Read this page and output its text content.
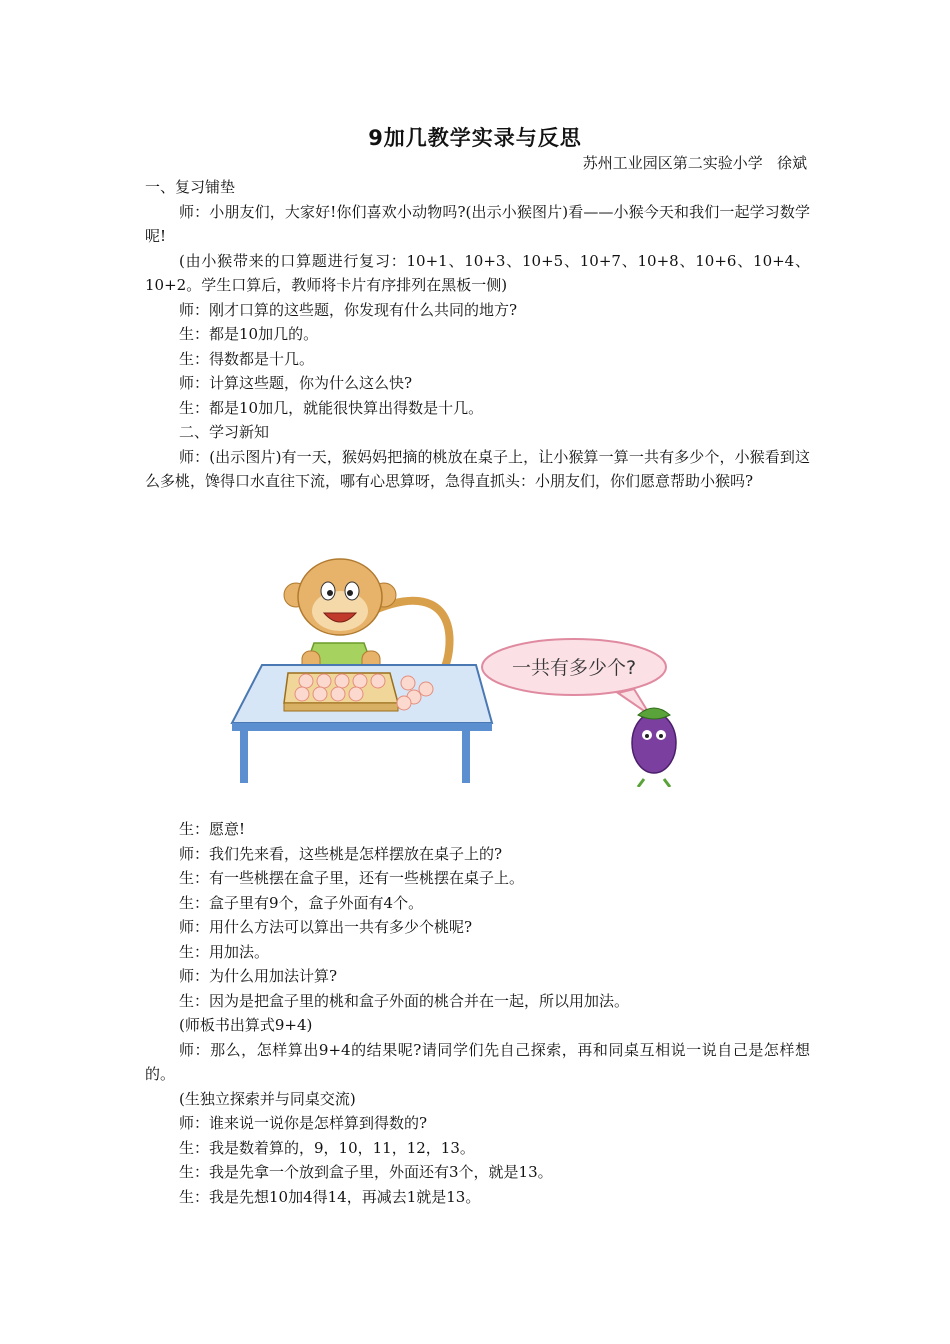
9加几教学实录与反思
苏州工业园区第二实验小学   徐斌

一、复习铺垫

师：小朋友们，大家好!你们喜欢小动物吗?(出示小猴图片)看——小猴今天和我们一起学习数学呢!

(由小猴带来的口算题进行复习：10+1、10+3、10+5、10+7、10+8、10+6、10+4、10+2。学生口算后，教师将卡片有序排列在黑板一侧)

师：刚才口算的这些题，你发现有什么共同的地方?

生：都是10加几的。

生：得数都是十几。

师：计算这些题，你为什么这么快?

生：都是10加几，就能很快算出得数是十几。

二、学习新知

师：(出示图片)有一天，猴妈妈把摘的桃放在桌子上，让小猴算一算一共有多少个，小猴看到这么多桃，馋得口水直往下流，哪有心思算呀，急得直抓头：小朋友们，你们愿意帮助小猴吗?

一共有多少个?

生：愿意!

师：我们先来看，这些桃是怎样摆放在桌子上的?

生：有一些桃摆在盒子里，还有一些桃摆在桌子上。

生：盒子里有9个，盒子外面有4个。

师：用什么方法可以算出一共有多少个桃呢?

生：用加法。

师：为什么用加法计算?

生：因为是把盒子里的桃和盒子外面的桃合并在一起，所以用加法。

(师板书出算式9+4)

师：那么，怎样算出9+4的结果呢?请同学们先自己探索，再和同桌互相说一说自己是怎样想的。

(生独立探索并与同桌交流)

师：谁来说一说你是怎样算到得数的?

生：我是数着算的，9，10，11，12，13。

生：我是先拿一个放到盒子里，外面还有3个，就是13。

生：我是先想10加4得14，再减去1就是13。
